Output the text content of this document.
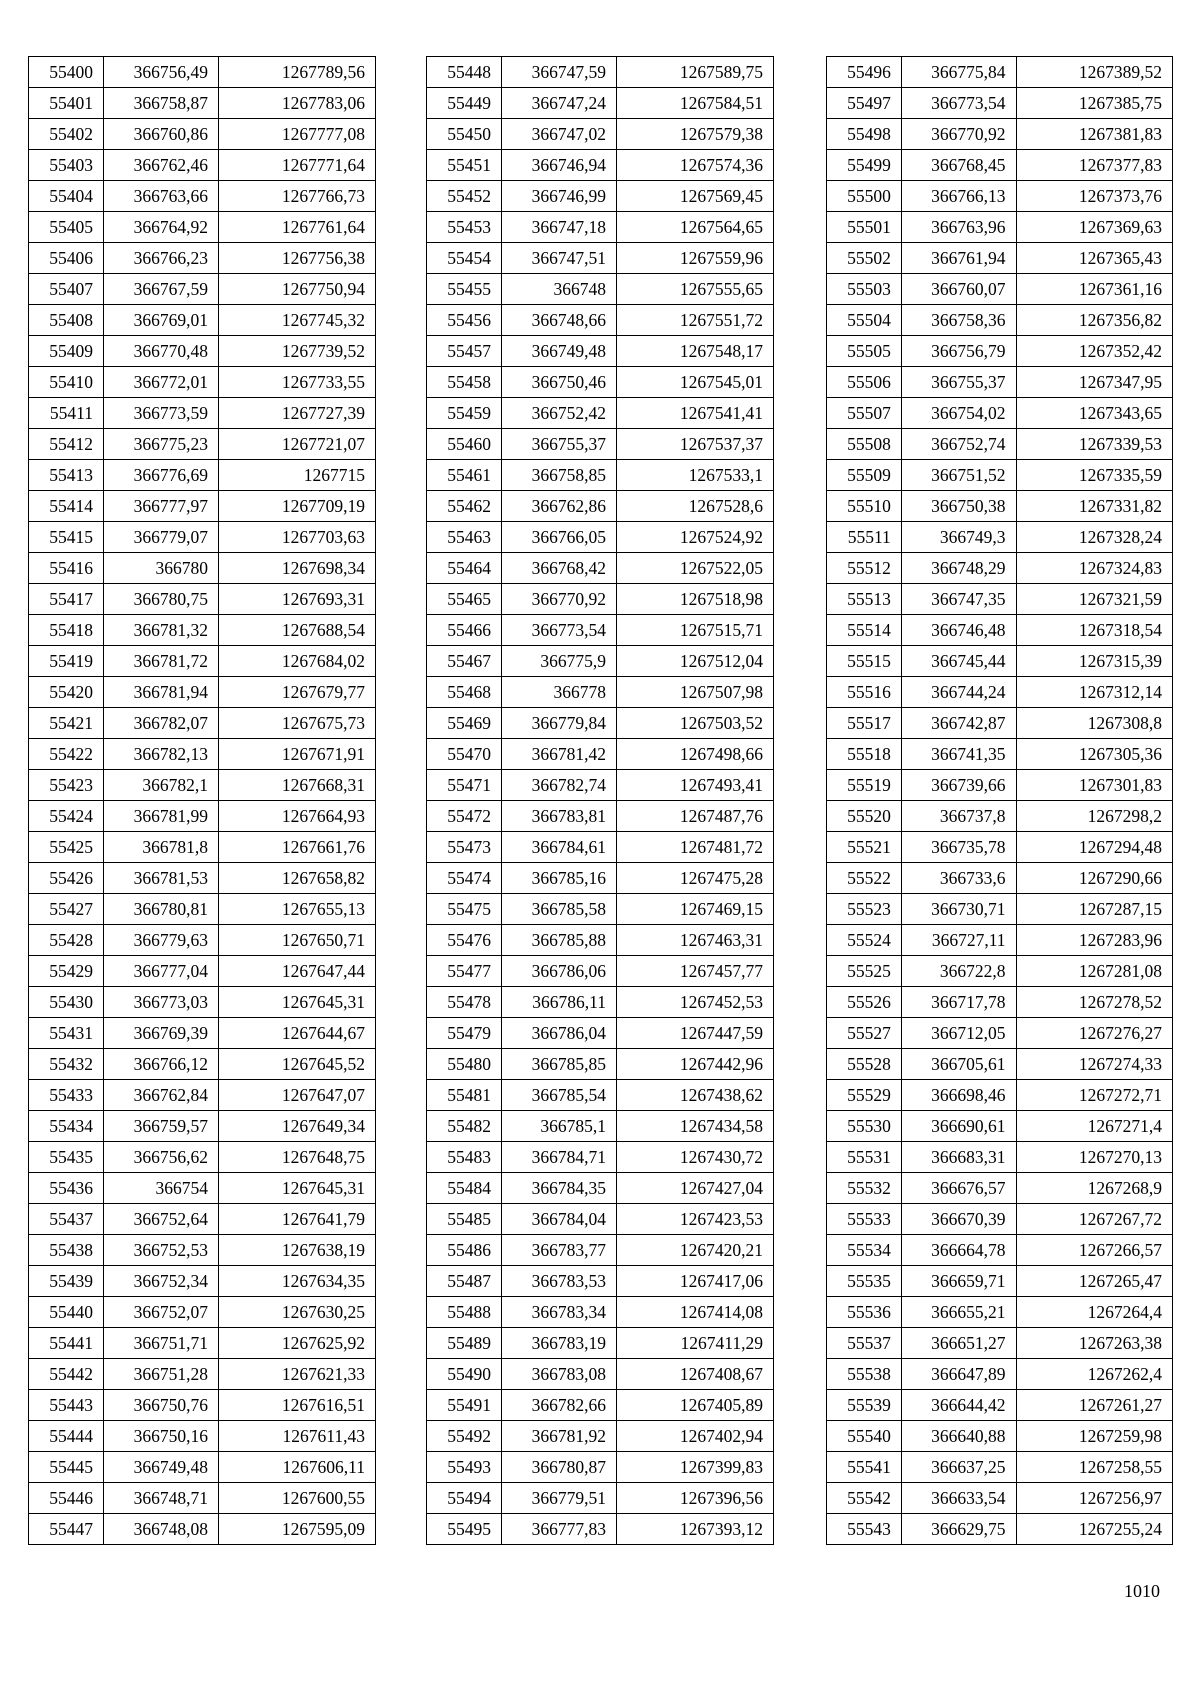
55400	366756,49	1267789,56
55401	366758,87	1267783,06
55402	366760,86	1267777,08
55403	366762,46	1267771,64
55404	366763,66	1267766,73
55405	366764,92	1267761,64
55406	366766,23	1267756,38
55407	366767,59	1267750,94
55408	366769,01	1267745,32
55409	366770,48	1267739,52
55410	366772,01	1267733,55
55411	366773,59	1267727,39
55412	366775,23	1267721,07
55413	366776,69	1267715
55414	366777,97	1267709,19
55415	366779,07	1267703,63
55416	366780	1267698,34
55417	366780,75	1267693,31
55418	366781,32	1267688,54
55419	366781,72	1267684,02
55420	366781,94	1267679,77
55421	366782,07	1267675,73
55422	366782,13	1267671,91
55423	366782,1	1267668,31
55424	366781,99	1267664,93
55425	366781,8	1267661,76
55426	366781,53	1267658,82
55427	366780,81	1267655,13
55428	366779,63	1267650,71
55429	366777,04	1267647,44
55430	366773,03	1267645,31
55431	366769,39	1267644,67
55432	366766,12	1267645,52
55433	366762,84	1267647,07
55434	366759,57	1267649,34
55435	366756,62	1267648,75
55436	366754	1267645,31
55437	366752,64	1267641,79
55438	366752,53	1267638,19
55439	366752,34	1267634,35
55440	366752,07	1267630,25
55441	366751,71	1267625,92
55442	366751,28	1267621,33
55443	366750,76	1267616,51
55444	366750,16	1267611,43
55445	366749,48	1267606,11
55446	366748,71	1267600,55
55447	366748,08	1267595,09
55448	366747,59	1267589,75
55449	366747,24	1267584,51
55450	366747,02	1267579,38
55451	366746,94	1267574,36
55452	366746,99	1267569,45
55453	366747,18	1267564,65
55454	366747,51	1267559,96
55455	366748	1267555,65
55456	366748,66	1267551,72
55457	366749,48	1267548,17
55458	366750,46	1267545,01
55459	366752,42	1267541,41
55460	366755,37	1267537,37
55461	366758,85	1267533,1
55462	366762,86	1267528,6
55463	366766,05	1267524,92
55464	366768,42	1267522,05
55465	366770,92	1267518,98
55466	366773,54	1267515,71
55467	366775,9	1267512,04
55468	366778	1267507,98
55469	366779,84	1267503,52
55470	366781,42	1267498,66
55471	366782,74	1267493,41
55472	366783,81	1267487,76
55473	366784,61	1267481,72
55474	366785,16	1267475,28
55475	366785,58	1267469,15
55476	366785,88	1267463,31
55477	366786,06	1267457,77
55478	366786,11	1267452,53
55479	366786,04	1267447,59
55480	366785,85	1267442,96
55481	366785,54	1267438,62
55482	366785,1	1267434,58
55483	366784,71	1267430,72
55484	366784,35	1267427,04
55485	366784,04	1267423,53
55486	366783,77	1267420,21
55487	366783,53	1267417,06
55488	366783,34	1267414,08
55489	366783,19	1267411,29
55490	366783,08	1267408,67
55491	366782,66	1267405,89
55492	366781,92	1267402,94
55493	366780,87	1267399,83
55494	366779,51	1267396,56
55495	366777,83	1267393,12
55496	366775,84	1267389,52
55497	366773,54	1267385,75
55498	366770,92	1267381,83
55499	366768,45	1267377,83
55500	366766,13	1267373,76
55501	366763,96	1267369,63
55502	366761,94	1267365,43
55503	366760,07	1267361,16
55504	366758,36	1267356,82
55505	366756,79	1267352,42
55506	366755,37	1267347,95
55507	366754,02	1267343,65
55508	366752,74	1267339,53
55509	366751,52	1267335,59
55510	366750,38	1267331,82
55511	366749,3	1267328,24
55512	366748,29	1267324,83
55513	366747,35	1267321,59
55514	366746,48	1267318,54
55515	366745,44	1267315,39
55516	366744,24	1267312,14
55517	366742,87	1267308,8
55518	366741,35	1267305,36
55519	366739,66	1267301,83
55520	366737,8	1267298,2
55521	366735,78	1267294,48
55522	366733,6	1267290,66
55523	366730,71	1267287,15
55524	366727,11	1267283,96
55525	366722,8	1267281,08
55526	366717,78	1267278,52
55527	366712,05	1267276,27
55528	366705,61	1267274,33
55529	366698,46	1267272,71
55530	366690,61	1267271,4
55531	366683,31	1267270,13
55532	366676,57	1267268,9
55533	366670,39	1267267,72
55534	366664,78	1267266,57
55535	366659,71	1267265,47
55536	366655,21	1267264,4
55537	366651,27	1267263,38
55538	366647,89	1267262,4
55539	366644,42	1267261,27
55540	366640,88	1267259,98
55541	366637,25	1267258,55
55542	366633,54	1267256,97
55543	366629,75	1267255,24
1010
